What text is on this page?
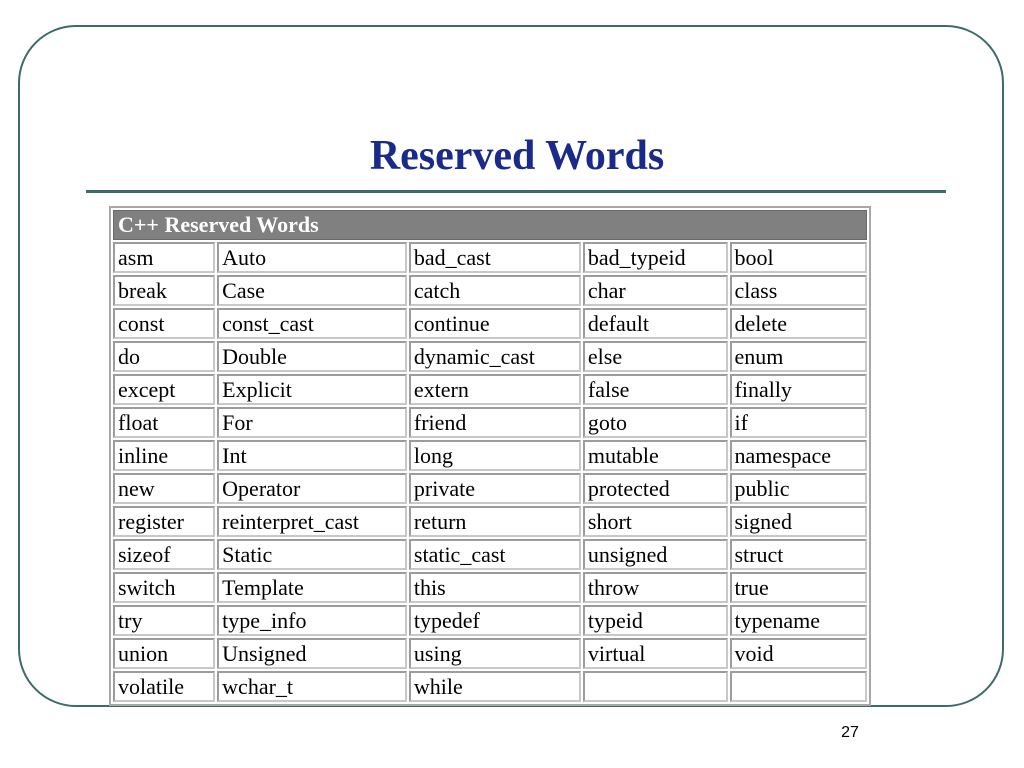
Reserved Words
C++ Reserved Words				
asm	Auto	bad_cast	bad_typeid	bool
break	Case	catch	char	class
const	const_cast	continue	default	delete
do	Double	dynamic_cast	else	enum
except	Explicit	extern	false	finally
float	For	friend	goto	if
inline	Int	long	mutable	namespace
new	Operator	private	protected	public
register	reinterpret_cast	return	short	signed
sizeof	Static	static_cast	unsigned	struct
switch	Template	this	throw	true
try	type_info	typedef	typeid	typename
union	Unsigned	using	virtual	void
volatile	wchar_t	while		
27
